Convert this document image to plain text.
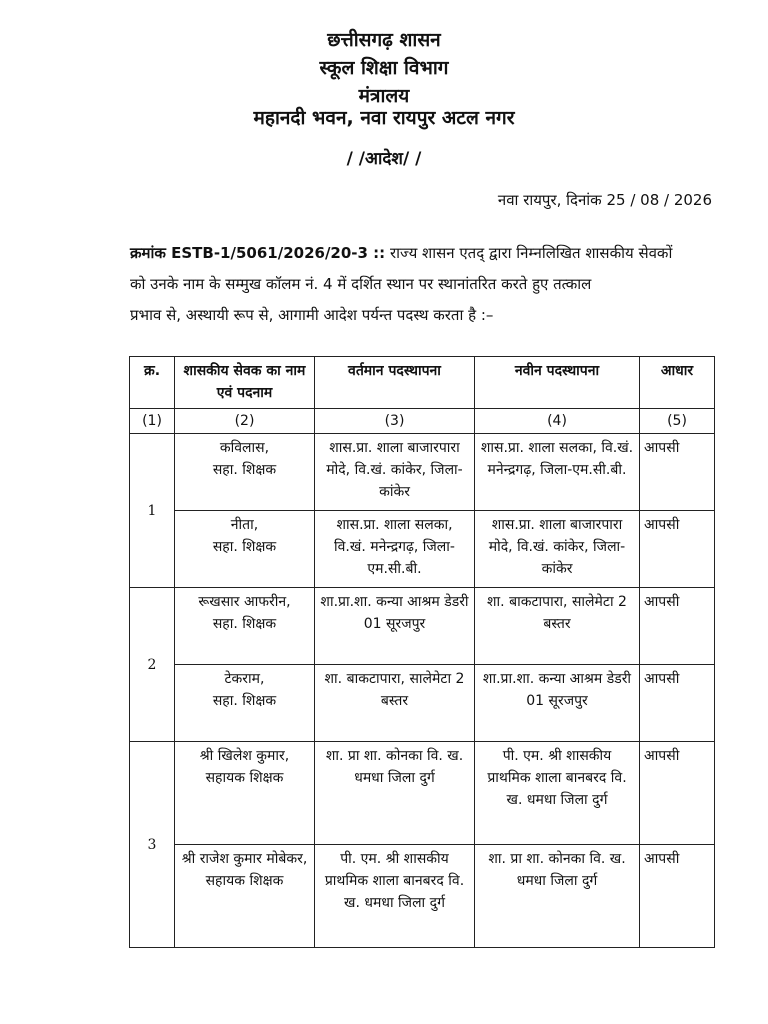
छत्तीसगढ़ शासन
स्कूल शिक्षा विभाग
मंत्रालय
महानदी भवन, नवा रायपुर अटल नगर
/ /आदेश/ /
नवा रायपुर, दिनांक 25 / 08 / 2026
क्रमांक ESTB-1/5061/2026/20-3 :: राज्य शासन एतद् द्वारा निम्नलिखित शासकीय सेवकों
को उनके नाम के सम्मुख कॉलम नं. 4 में दर्शित स्थान पर स्थानांतरित करते हुए तत्काल
प्रभाव से, अस्थायी रूप से, आगामी आदेश पर्यन्त पदस्थ करता है :–
क्र.	शासकीय सेवक का नाम एवं पदनाम	वर्तमान पदस्थापना	नवीन पदस्थापना	आधार
(1)	(2)	(3)	(4)	(5)
1	कविलास,
सहा. शिक्षक	शास.प्रा. शाला बाजारपारा मोदे, वि.खं. कांकेर, जिला-कांकेर	शास.प्रा. शाला सलका, वि.खं. मनेन्द्रगढ़, जिला-एम.सी.बी.	आपसी
	नीता,
सहा. शिक्षक	शास.प्रा. शाला सलका, वि.खं. मनेन्द्रगढ़, जिला-एम.सी.बी.	शास.प्रा. शाला बाजारपारा मोदे, वि.खं. कांकेर, जिला-कांकेर	आपसी
2	रूखसार आफरीन,
सहा. शिक्षक	शा.प्रा.शा. कन्या आश्रम डेडरी 01 सूरजपुर	शा. बाकटापारा, सालेमेटा 2 बस्तर	आपसी
	टेकराम,
सहा. शिक्षक	शा. बाकटापारा, सालेमेटा 2 बस्तर	शा.प्रा.शा. कन्या आश्रम डेडरी 01 सूरजपुर	आपसी
3	श्री खिलेश कुमार,
सहायक शिक्षक	शा. प्रा शा. कोनका वि. ख. धमधा जिला दुर्ग	पी. एम. श्री शासकीय प्राथमिक शाला बानबरद वि. ख. धमधा जिला दुर्ग	आपसी
	श्री राजेश कुमार मोबेकर,
सहायक शिक्षक	पी. एम. श्री शासकीय प्राथमिक शाला बानबरद वि. ख. धमधा जिला दुर्ग	शा. प्रा शा. कोनका वि. ख. धमधा जिला दुर्ग	आपसी
